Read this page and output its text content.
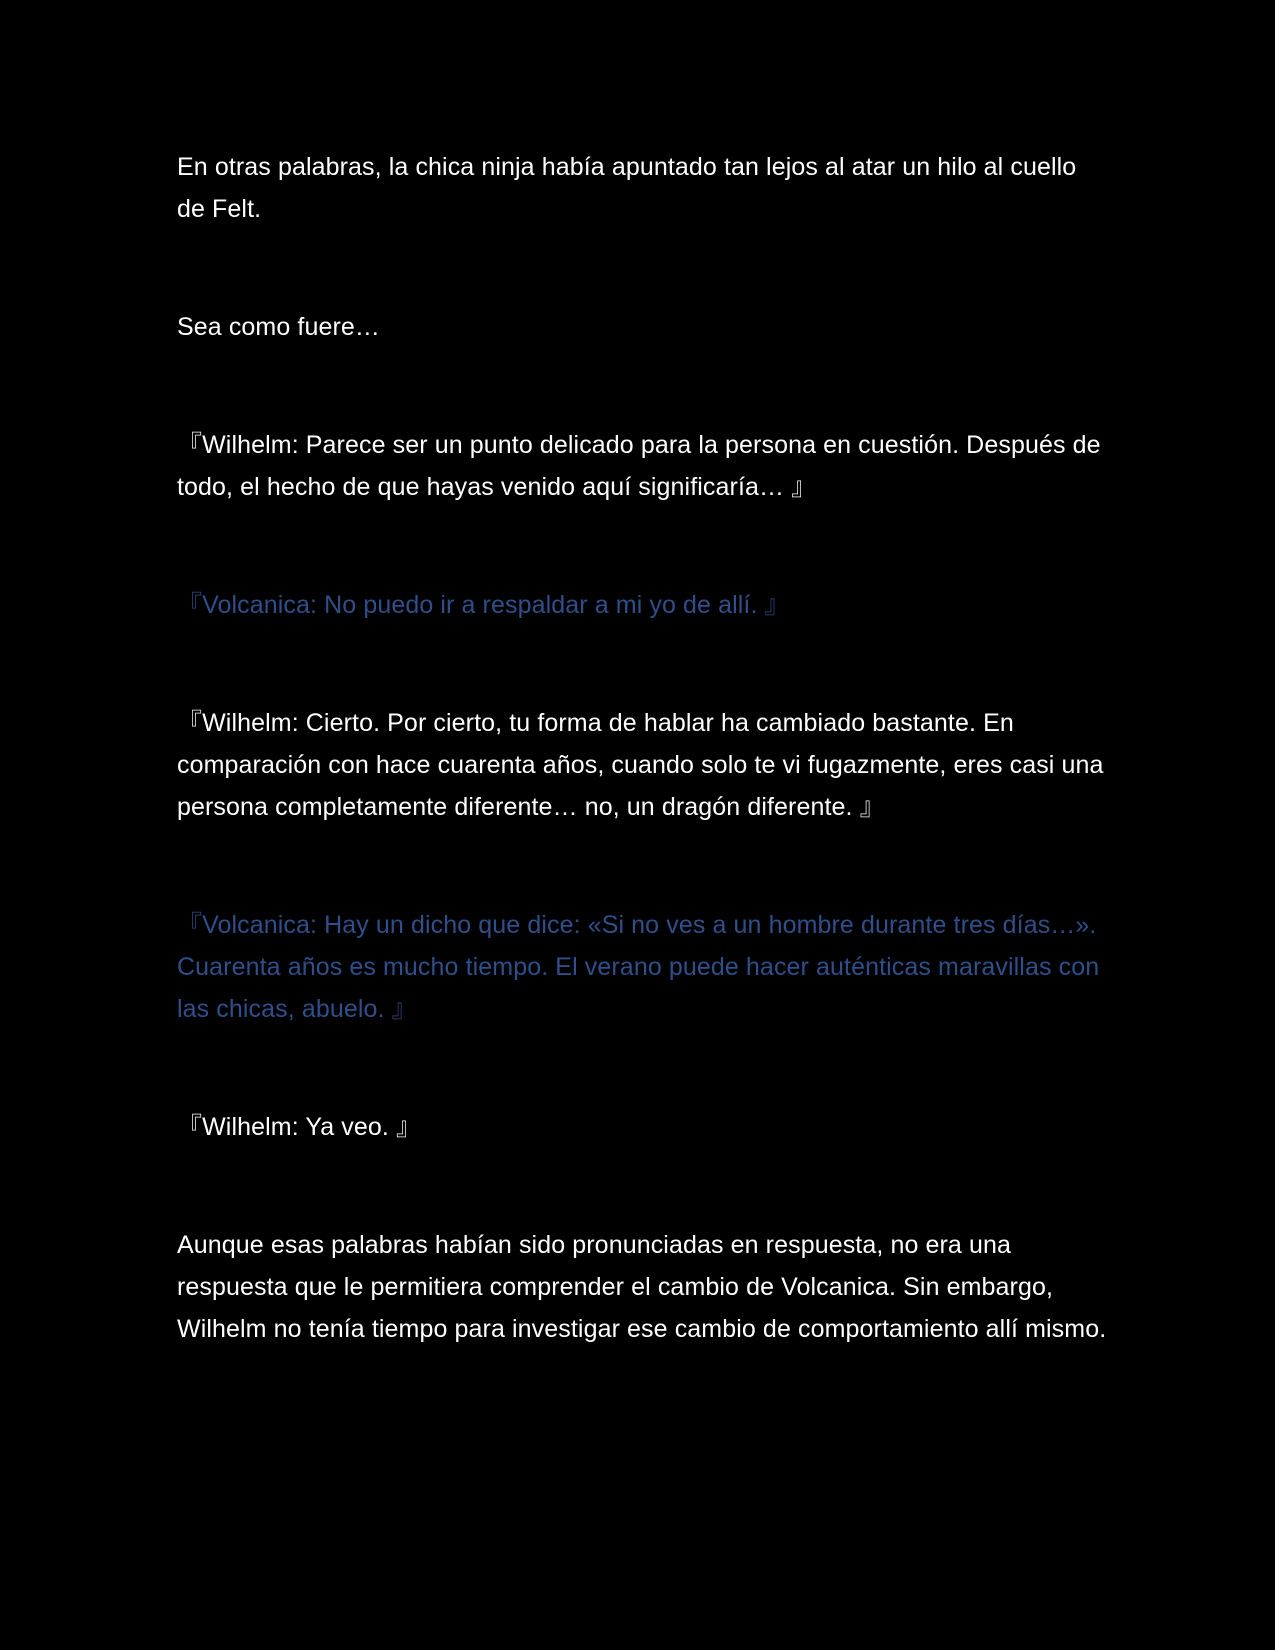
En otras palabras, la chica ninja había apuntado tan lejos al atar un hilo al cuello de Felt.

Sea como fuere…

『Wilhelm: Parece ser un punto delicado para la persona en cuestión. Después de todo, el hecho de que hayas venido aquí significaría… 』

『Volcanica: No puedo ir a respaldar a mi yo de allí. 』

『Wilhelm: Cierto. Por cierto, tu forma de hablar ha cambiado bastante. En comparación con hace cuarenta años, cuando solo te vi fugazmente, eres casi una persona completamente diferente… no, un dragón diferente. 』

『Volcanica: Hay un dicho que dice: «Si no ves a un hombre durante tres días…». Cuarenta años es mucho tiempo. El verano puede hacer auténticas maravillas con las chicas, abuelo. 』

『Wilhelm: Ya veo. 』

Aunque esas palabras habían sido pronunciadas en respuesta, no era una respuesta que le permitiera comprender el cambio de Volcanica. Sin embargo, Wilhelm no tenía tiempo para investigar ese cambio de comportamiento allí mismo.
